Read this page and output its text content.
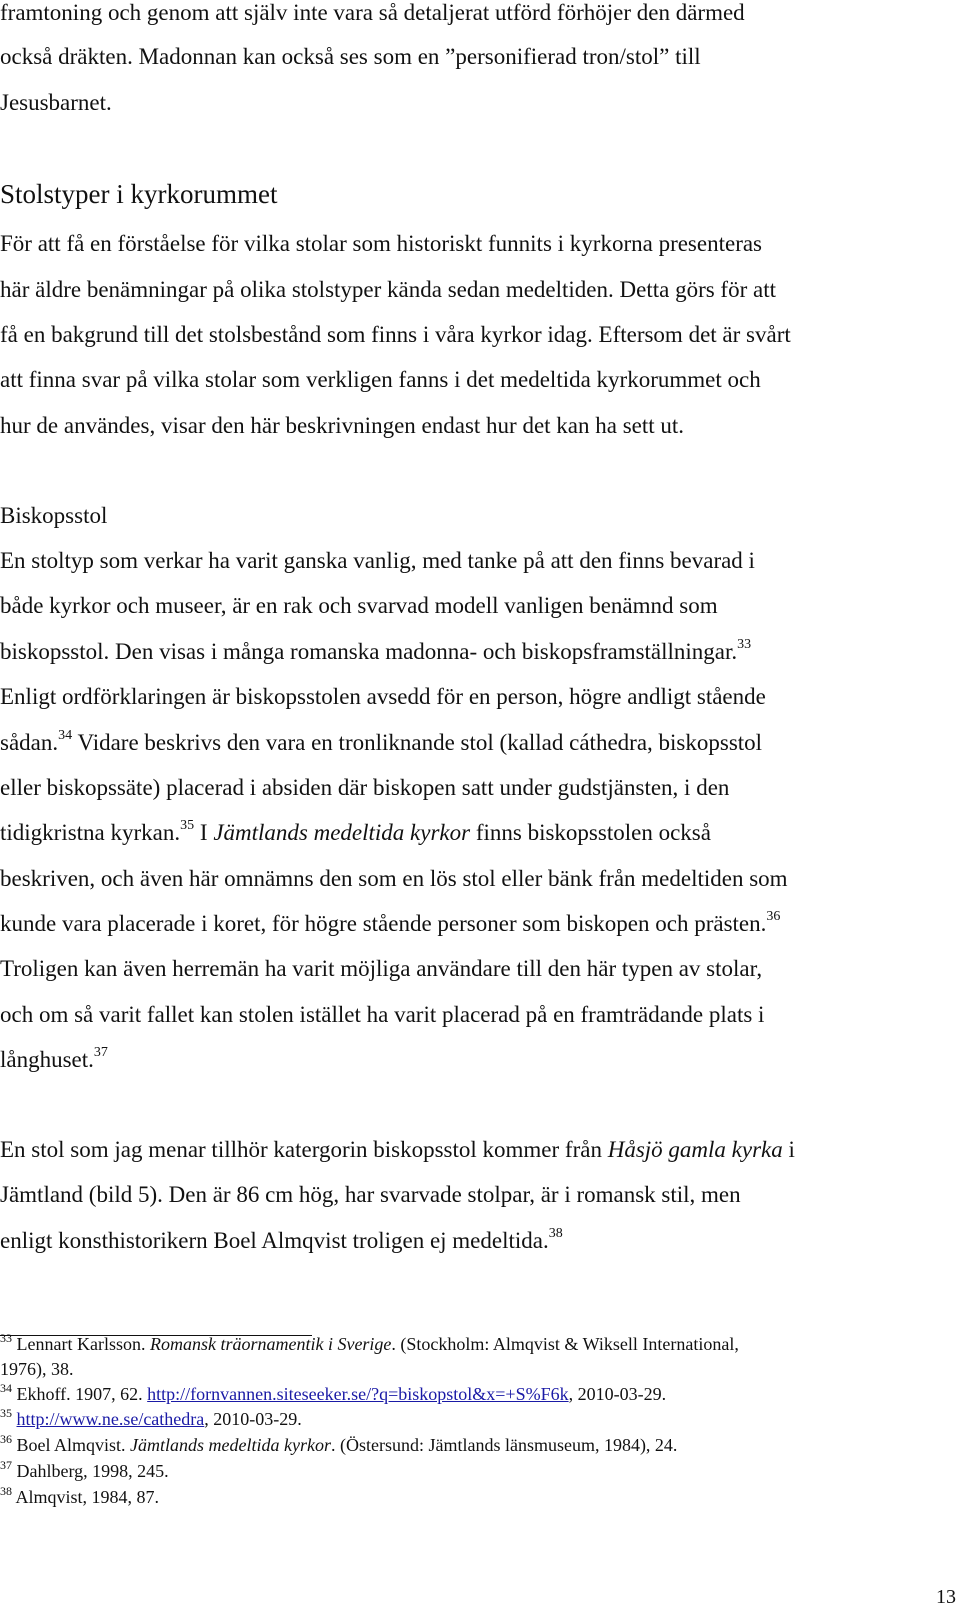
framtoning och genom att själv inte vara så detaljerat utförd förhöjer den därmed
också dräkten. Madonnan kan också ses som en ”personifierad tron/stol” till
Jesusbarnet.
Stolstyper i kyrkorummet
För att få en förståelse för vilka stolar som historiskt funnits i kyrkorna presenteras
här äldre benämningar på olika stolstyper kända sedan medeltiden. Detta görs för att
få en bakgrund till det stolsbestånd som finns i våra kyrkor idag. Eftersom det är svårt
att finna svar på vilka stolar som verkligen fanns i det medeltida kyrkorummet och
hur de användes, visar den här beskrivningen endast hur det kan ha sett ut.
Biskopsstol
En stoltyp som verkar ha varit ganska vanlig, med tanke på att den finns bevarad i
både kyrkor och museer, är en rak och svarvad modell vanligen benämnd som
biskopsstol. Den visas i många romanska madonna- och biskopsframställningar.$^{33}$
Enligt ordförklaringen är biskopsstolen avsedd för en person, högre andligt stående
sådan.$^{34}$ Vidare beskrivs den vara en tronliknande stol (kallad cáthedra, biskopsstol
eller biskopssäte) placerad i absiden där biskopen satt under gudstjänsten, i den
tidigkristna kyrkan.$^{35}$ I Jämtlands medeltida kyrkor finns biskopsstolen också
beskriven, och även här omnämns den som en lös stol eller bänk från medeltiden som
kunde vara placerade i koret, för högre stående personer som biskopen och prästen.$^{36}$
Troligen kan även herremän ha varit möjliga användare till den här typen av stolar,
och om så varit fallet kan stolen istället ha varit placerad på en framträdande plats i
långhuset.$^{37}$
En stol som jag menar tillhör katergorin biskopsstol kommer från Håsjö gamla kyrka i
Jämtland (bild 5). Den är 86 cm hög, har svarvade stolpar, är i romansk stil, men
enligt konsthistorikern Boel Almqvist troligen ej medeltida.$^{38}$
$^{33}$ Lennart Karlsson. Romansk träornamentik i Sverige. (Stockholm: Almqvist & Wiksell International,
1976), 38.
$^{34}$ Ekhoff. 1907, 62. http://fornvannen.siteseeker.se/?q=biskopstol&x=+S%F6k, 2010-03-29.
$^{35}$ http://www.ne.se/cathedra, 2010-03-29.
$^{36}$ Boel Almqvist. Jämtlands medeltida kyrkor. (Östersund: Jämtlands länsmuseum, 1984), 24.
$^{37}$ Dahlberg, 1998, 245.
$^{38}$ Almqvist, 1984, 87.
13
